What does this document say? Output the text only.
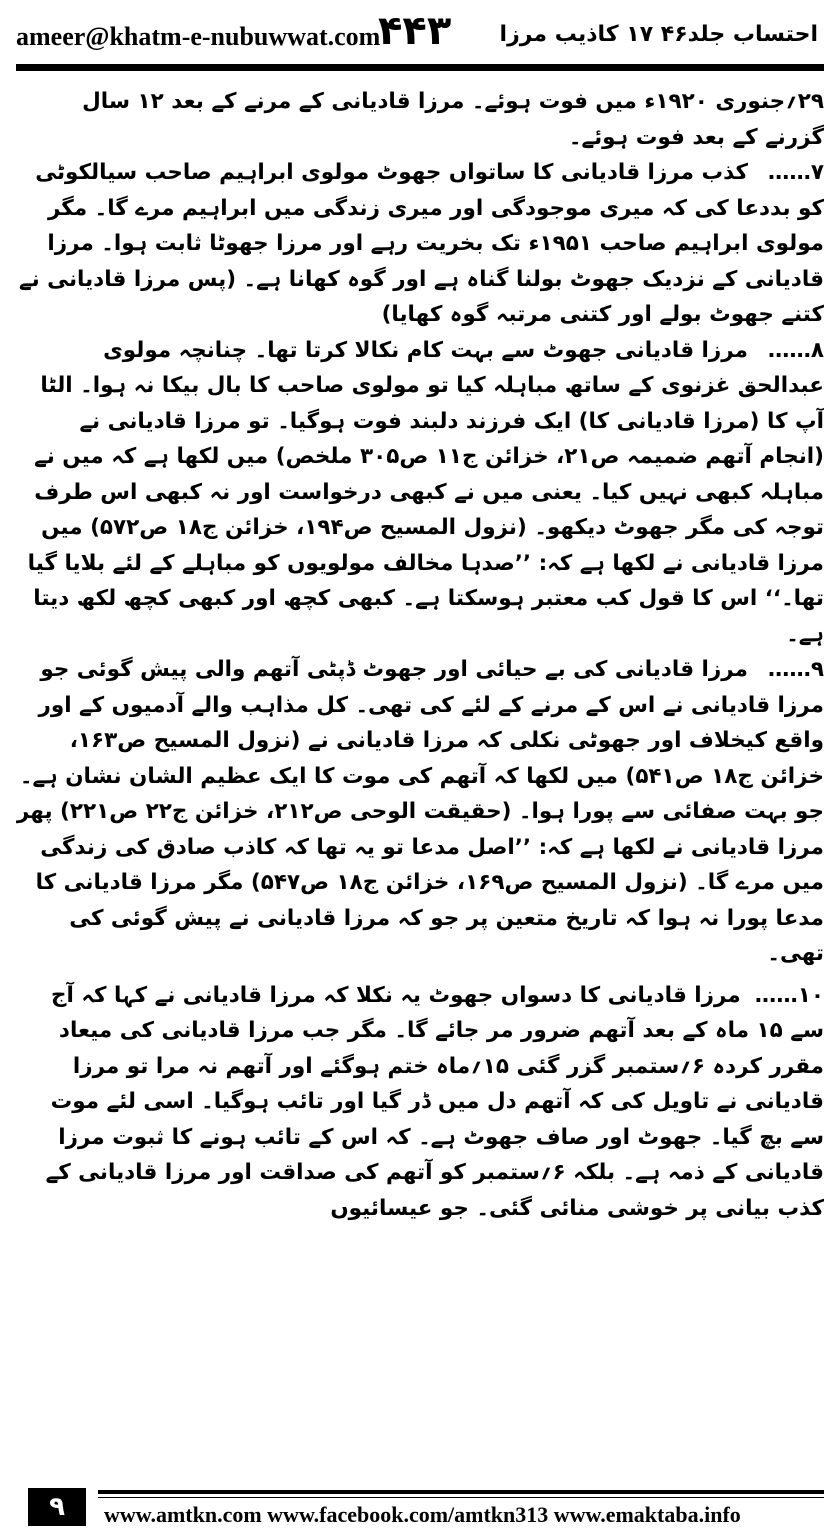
ameer@khatm-e-nubuwwat.com
۴۴۳ احتساب جلد۴۶ ۱۷ کاذیب مرزا

۲۹؍جنوری ۱۹۲۰ء میں فوت ہوئے۔ مرزا قادیانی کے مرنے کے بعد ۱۲ سال گزرنے کے بعد فوت ہوئے۔

۷……کذب مرزا قادیانی کا ساتواں جھوٹ مولوی ابراہیم صاحب سیالکوٹی کو بددعا کی کہ میری موجودگی اور میری زندگی میں ابراہیم مرے گا۔ مگر مولوی ابراہیم صاحب ۱۹۵۱ء تک بخریت رہے اور مرزا جھوٹا ثابت ہوا۔ مرزا قادیانی کے نزدیک جھوٹ بولنا گناہ ہے اور گوہ کھانا ہے۔ (پس مرزا قادیانی نے کتنے جھوٹ بولے اور کتنی مرتبہ گوہ کھایا)

۸……مرزا قادیانی جھوٹ سے بہت کام نکالا کرتا تھا۔ چنانچہ مولوی عبدالحق غزنوی کے ساتھ مباہلہ کیا تو مولوی صاحب کا بال بیکا نہ ہوا۔ الٹا آپ کا (مرزا قادیانی کا) ایک فرزند دلبند فوت ہوگیا۔ تو مرزا قادیانی نے (انجام آتھم ضمیمہ ص۲۱، خزائن ج۱۱ ص۳۰۵ ملخص) میں لکھا ہے کہ میں نے مباہلہ کبھی نہیں کیا۔ یعنی میں نے کبھی درخواست اور نہ کبھی اس طرف توجہ کی مگر جھوٹ دیکھو۔ (نزول المسیح ص۱۹۴، خزائن ج۱۸ ص۵۷۲) میں مرزا قادیانی نے لکھا ہے کہ: ’’صدہا مخالف مولویوں کو مباہلے کے لئے بلایا گیا تھا۔‘‘ اس کا قول کب معتبر ہوسکتا ہے۔ کبھی کچھ اور کبھی کچھ لکھ دیتا ہے۔

۹……مرزا قادیانی کی بے حیائی اور جھوٹ ڈپٹی آتھم والی پیش گوئی جو مرزا قادیانی نے اس کے مرنے کے لئے کی تھی۔ کل مذاہب والے آدمیوں کے اور واقع کیخلاف اور جھوٹی نکلی کہ مرزا قادیانی نے (نزول المسیح ص۱۶۳، خزائن ج۱۸ ص۵۴۱) میں لکھا کہ آتھم کی موت کا ایک عظیم الشان نشان ہے۔ جو بہت صفائی سے پورا ہوا۔ (حقیقت الوحی ص۲۱۲، خزائن ج۲۲ ص۲۲۱) پھر مرزا قادیانی نے لکھا ہے کہ: ’’اصل مدعا تو یہ تھا کہ کاذب صادق کی زندگی میں مرے گا۔ (نزول المسیح ص۱۶۹، خزائن ج۱۸ ص۵۴۷) مگر مرزا قادیانی کا مدعا پورا نہ ہوا کہ تاریخ متعین پر جو کہ مرزا قادیانی نے پیش گوئی کی تھی۔

۱۰……مرزا قادیانی کا دسواں جھوٹ یہ نکلا کہ مرزا قادیانی نے کہا کہ آج سے ۱۵ ماہ کے بعد آتھم ضرور مر جائے گا۔ مگر جب مرزا قادیانی کی میعاد مقرر کردہ ۶؍ستمبر گزر گئی ۱۵؍ماہ ختم ہوگئے اور آتھم نہ مرا تو مرزا قادیانی نے تاویل کی کہ آتھم دل میں ڈر گیا اور تائب ہوگیا۔ اسی لئے موت سے بچ گیا۔ جھوٹ اور صاف جھوٹ ہے۔ کہ اس کے تائب ہونے کا ثبوت مرزا قادیانی کے ذمہ ہے۔ بلکہ ۶؍ستمبر کو آتھم کی صداقت اور مرزا قادیانی کے کذب بیانی پر خوشی منائی گئی۔ جو عیسائیوں

۹	www.amtkn.com www.facebook.com/amtkn313 www.emaktaba.info
